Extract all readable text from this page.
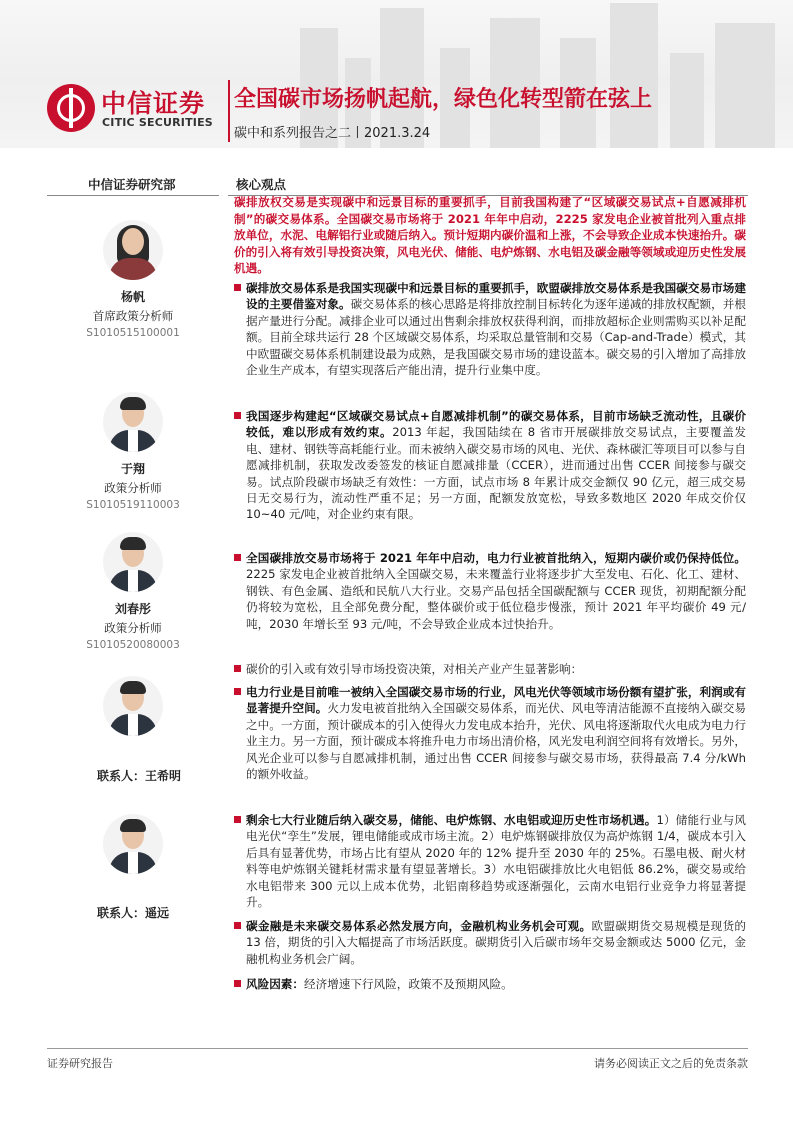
中信证券
CITIC SECURITIES
全国碳市场扬帆起航，绿色化转型箭在弦上
碳中和系列报告之二丨2021.3.24
中信证券研究部	核心观点
杨帆
首席政策分析师
S1010515100001
于翔
政策分析师
S1010519110003
刘春彤
政策分析师
S1010520080003
联系人：王希明
联系人：遥远
碳排放权交易是实现碳中和远景目标的重要抓手，目前我国构建了“区域碳交易试点+自愿减排机制”的碳交易体系。全国碳交易市场将于 2021 年年中启动，2225 家发电企业被首批列入重点排放单位，水泥、电解铝行业或随后纳入。预计短期内碳价温和上涨，不会导致企业成本快速抬升。碳价的引入将有效引导投资决策，风电光伏、储能、电炉炼钢、水电铝及碳金融等领域或迎历史性发展机遇。
碳排放交易体系是我国实现碳中和远景目标的重要抓手，欧盟碳排放交易体系是我国碳交易市场建设的主要借鉴对象。碳交易体系的核心思路是将排放控制目标转化为逐年递减的排放权配额，并根据产量进行分配。减排企业可以通过出售剩余排放权获得利润，而排放超标企业则需购买以补足配额。目前全球共运行 28 个区域碳交易体系，均采取总量管制和交易（Cap-and-Trade）模式，其中欧盟碳交易体系机制建设最为成熟，是我国碳交易市场的建设蓝本。碳交易的引入增加了高排放企业生产成本，有望实现落后产能出清，提升行业集中度。
我国逐步构建起“区域碳交易试点+自愿减排机制”的碳交易体系，目前市场缺乏流动性，且碳价较低，难以形成有效约束。2013 年起，我国陆续在 8 省市开展碳排放交易试点，主要覆盖发电、建材、钢铁等高耗能行业。而未被纳入碳交易市场的风电、光伏、森林碳汇等项目可以参与自愿减排机制，获取发改委签发的核证自愿减排量（CCER），进而通过出售 CCER 间接参与碳交易。试点阶段碳市场缺乏有效性：一方面，试点市场 8 年累计成交金额仅 90 亿元，超三成交易日无交易行为，流动性严重不足；另一方面，配额发放宽松，导致多数地区 2020 年成交价仅 10~40 元/吨，对企业约束有限。
全国碳排放交易市场将于 2021 年年中启动，电力行业被首批纳入，短期内碳价或仍保持低位。2225 家发电企业被首批纳入全国碳交易，未来覆盖行业将逐步扩大至发电、石化、化工、建材、钢铁、有色金属、造纸和民航八大行业。交易产品包括全国碳配额与 CCER 现货，初期配额分配仍将较为宽松，且全部免费分配，整体碳价或于低位稳步慢涨，预计 2021 年平均碳价 49 元/吨，2030 年增长至 93 元/吨，不会导致企业成本过快抬升。
碳价的引入或有效引导市场投资决策，对相关产业产生显著影响：
电力行业是目前唯一被纳入全国碳交易市场的行业，风电光伏等领域市场份额有望扩张，利润或有显著提升空间。火力发电被首批纳入全国碳交易体系，而光伏、风电等清洁能源不直接纳入碳交易之中。一方面，预计碳成本的引入使得火力发电成本抬升，光伏、风电将逐渐取代火电成为电力行业主力。另一方面，预计碳成本将推升电力市场出清价格，风光发电利润空间将有效增长。另外，风光企业可以参与自愿减排机制，通过出售 CCER 间接参与碳交易市场，获得最高 7.4 分/kWh 的额外收益。
剩余七大行业随后纳入碳交易，储能、电炉炼钢、水电铝或迎历史性市场机遇。1）储能行业与风电光伏“孪生”发展，锂电储能或成市场主流。2）电炉炼钢碳排放仅为高炉炼钢 1/4，碳成本引入后具有显著优势，市场占比有望从 2020 年的 12% 提升至 2030 年的 25%。石墨电极、耐火材料等电炉炼钢关键耗材需求量有望显著增长。3）水电铝碳排放比火电铝低 86.2%，碳交易或给水电铝带来 300 元以上成本优势，北铝南移趋势或逐渐强化，云南水电铝行业竞争力将显著提升。
碳金融是未来碳交易体系必然发展方向，金融机构业务机会可观。欧盟碳期货交易规模是现货的 13 倍，期货的引入大幅提高了市场活跃度。碳期货引入后碳市场年交易金额或达 5000 亿元，金融机构业务机会广阔。
风险因素：经济增速下行风险，政策不及预期风险。
证券研究报告	请务必阅读正文之后的免责条款
